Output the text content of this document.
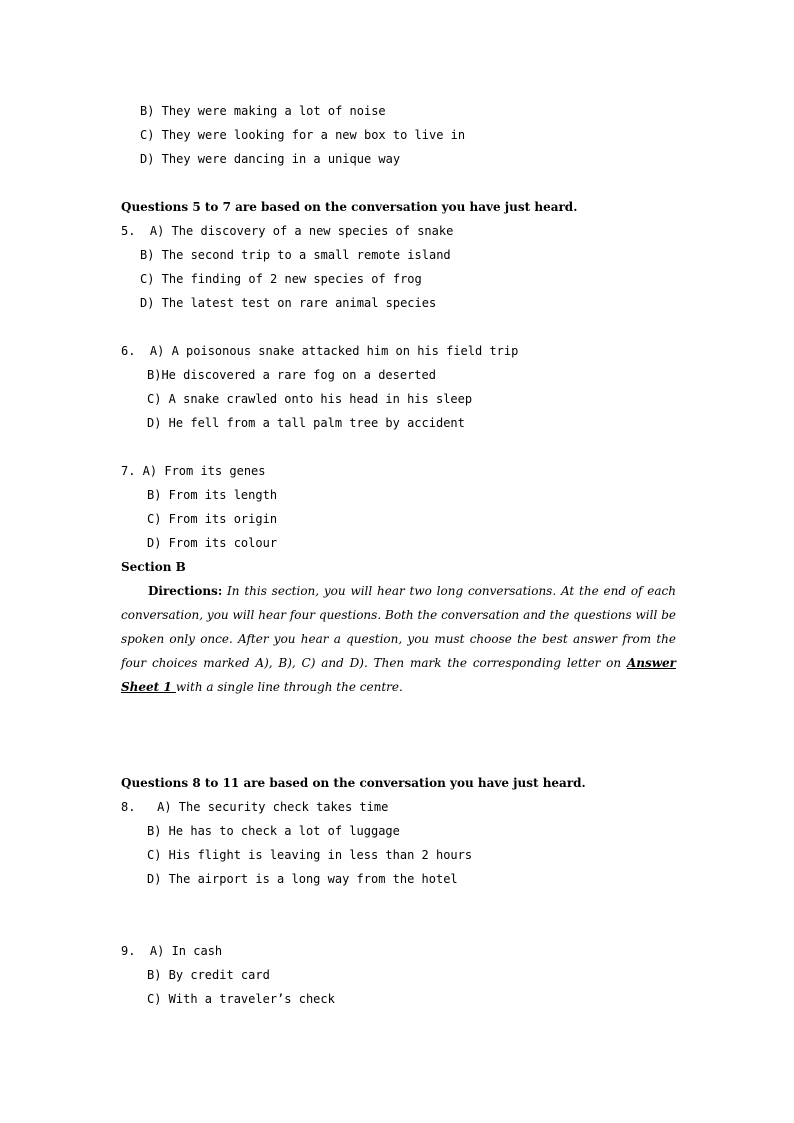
B) They were making a lot of noise
C) They were looking for a new box to live in
D) They were dancing in a unique way
Questions 5 to 7 are based on the conversation you have just heard.
5.  A) The discovery of a new species of snake
B) The second trip to a small remote island
C) The finding of 2 new species of frog
D) The latest test on rare animal species
6.  A) A poisonous snake attacked him on his field trip
B)He discovered a rare fog on a deserted
C) A snake crawled onto his head in his sleep
D) He fell from a tall palm tree by accident
7. A) From its genes
B) From its length
C) From its origin
D) From its colour
Section B
Directions: In this section, you will hear two long conversations. At the end of each conversation, you will hear four questions. Both the conversation and the questions will be spoken only once. After you hear a question, you must choose the best answer from the four choices marked A), B), C) and D). Then mark the corresponding letter on Answer Sheet 1 with a single line through the centre.
Questions 8 to 11 are based on the conversation you have just heard.
8.   A) The security check takes time
B) He has to check a lot of luggage
C) His flight is leaving in less than 2 hours
D) The airport is a long way from the hotel
9.  A) In cash
B) By credit card
C) With a traveler’s check
